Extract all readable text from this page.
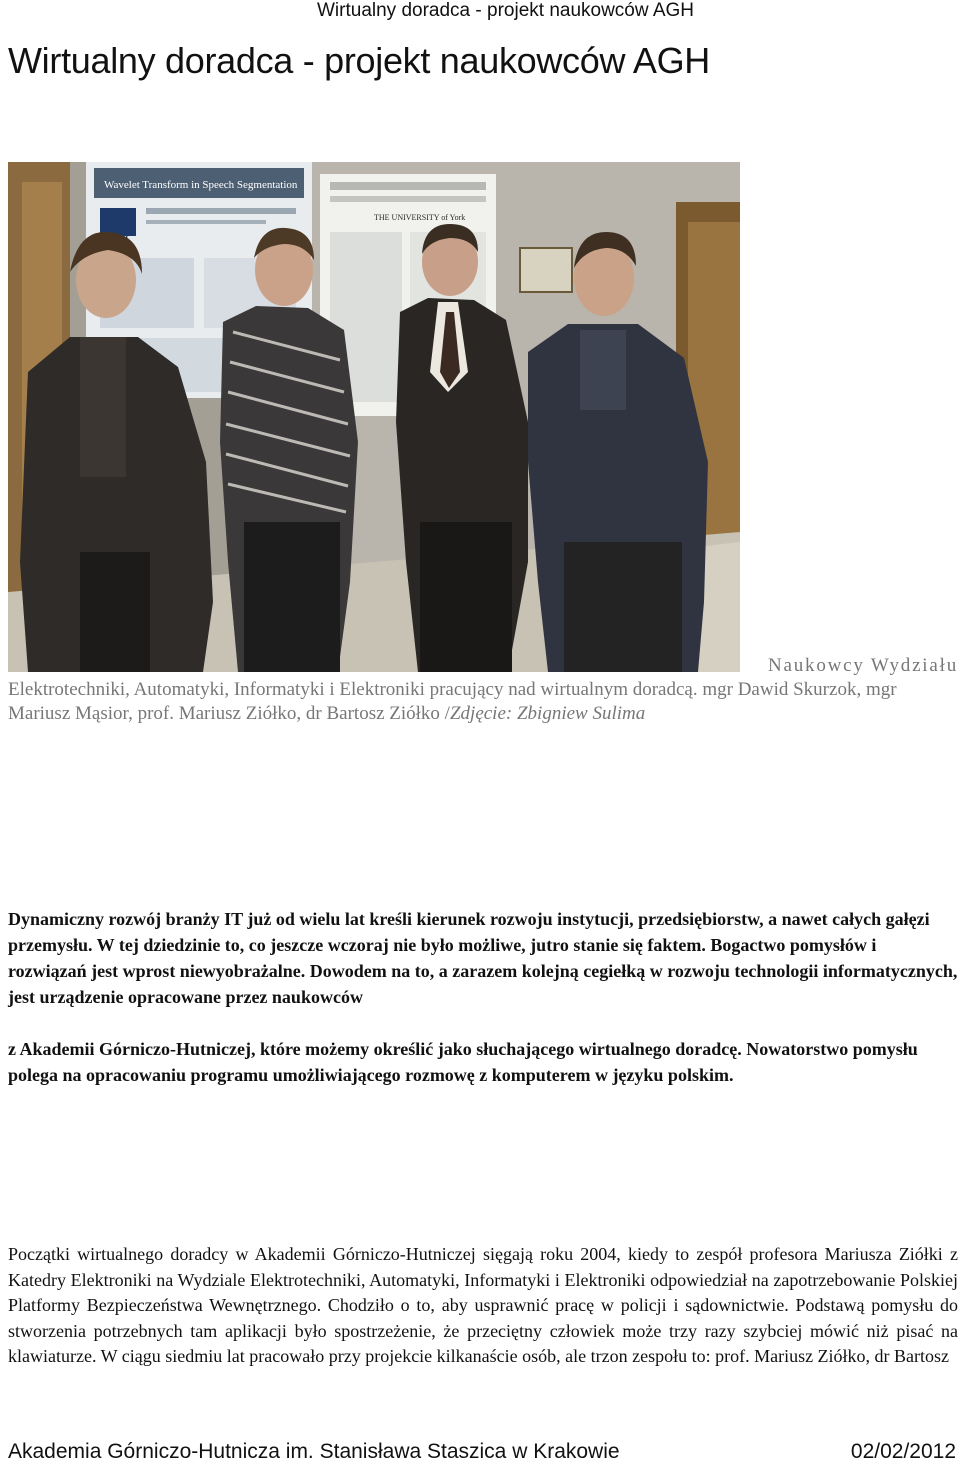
Wirtualny doradca - projekt naukowców AGH
Wirtualny doradca - projekt naukowców AGH
Wavelet Transform in Speech Segmentation
THE UNIVERSITY of York
Naukowcy Wydziału
Elektrotechniki, Automatyki, Informatyki i Elektroniki pracujący nad wirtualnym doradcą. mgr Dawid Skurzok, mgr Mariusz Mąsior, prof. Mariusz Ziółko, dr Bartosz Ziółko /Zdjęcie: Zbigniew Sulima

Dynamiczny rozwój branży IT już od wielu lat kreśli kierunek rozwoju instytucji, przedsiębiorstw, a nawet całych gałęzi przemysłu. W tej dziedzinie to, co jeszcze wczoraj nie było możliwe, jutro stanie się faktem. Bogactwo pomysłów i rozwiązań jest wprost niewyobrażalne. Dowodem na to, a zarazem kolejną cegiełką w rozwoju technologii informatycznych, jest urządzenie opracowane przez naukowców
z Akademii Górniczo-Hutniczej, które możemy określić jako słuchającego wirtualnego doradcę. Nowatorstwo pomysłu polega na opracowaniu programu umożliwiającego rozmowę z komputerem w języku polskim.

Początki wirtualnego doradcy w Akademii Górniczo-Hutniczej sięgają roku 2004, kiedy to zespół profesora Mariusza Ziółki z Katedry Elektroniki na Wydziale Elektrotechniki, Automatyki, Informatyki i Elektroniki odpowiedział na zapotrzebowanie Polskiej Platformy Bezpieczeństwa Wewnętrznego. Chodziło o to, aby usprawnić pracę w policji i sądownictwie. Podstawą pomysłu do stworzenia potrzebnych tam aplikacji było spostrzeżenie, że przeciętny człowiek może trzy razy szybciej mówić niż pisać na klawiaturze. W ciągu siedmiu lat pracowało przy projekcie kilkanaście osób, ale trzon zespołu to: prof. Mariusz Ziółko, dr Bartosz

Akademia Górniczo-Hutnicza im. Stanisława Staszica w Krakowie	02/02/2012
